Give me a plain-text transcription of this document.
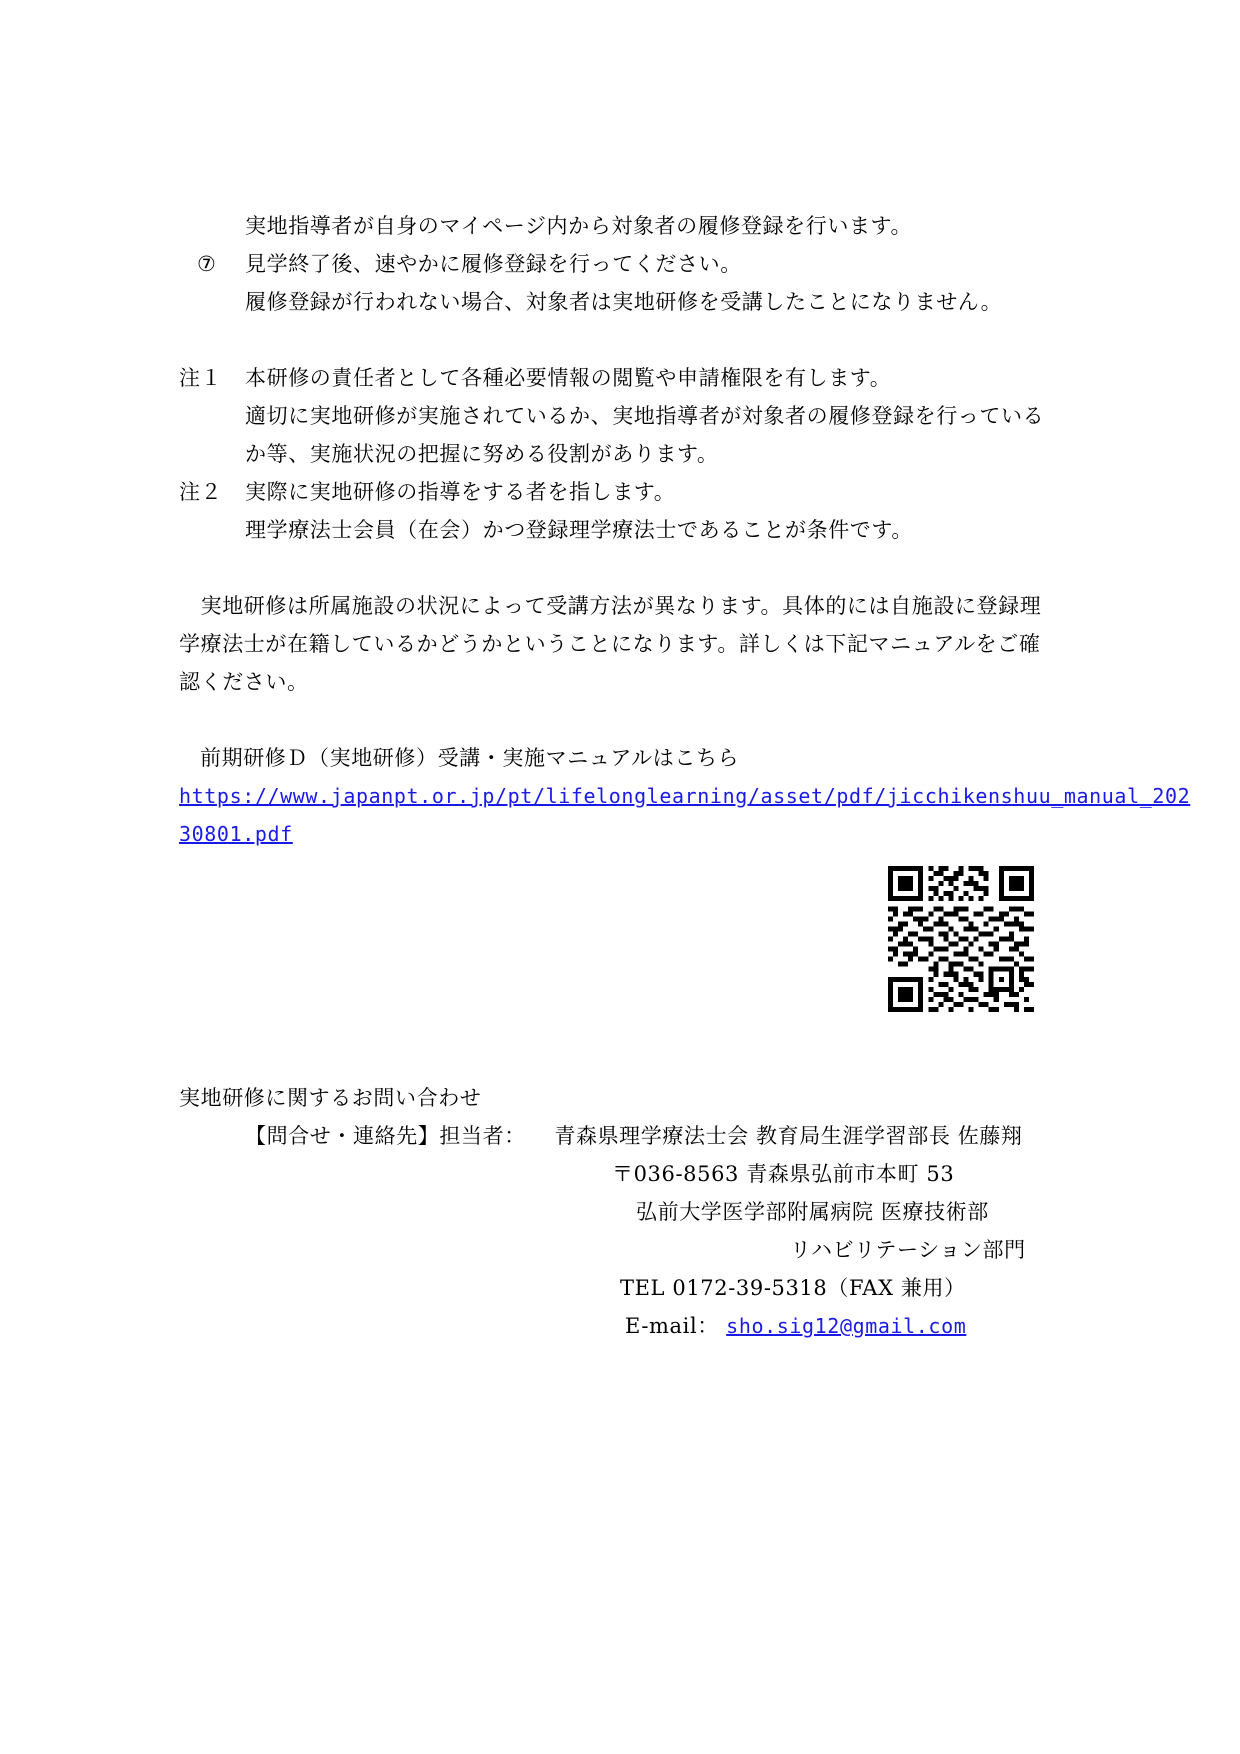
実地指導者が自身のマイページ内から対象者の履修登録を行います。
⑦ 見学終了後、速やかに履修登録を行ってください。
履修登録が行われない場合、対象者は実地研修を受講したことになりません。
注１ 本研修の責任者として各種必要情報の閲覧や申請権限を有します。
適切に実地研修が実施されているか、実地指導者が対象者の履修登録を行っている
か等、実施状況の把握に努める役割があります。
注２ 実際に実地研修の指導をする者を指します。
理学療法士会員（在会）かつ登録理学療法士であることが条件です。
　実地研修は所属施設の状況によって受講方法が異なります。具体的には自施設に登録理
学療法士が在籍しているかどうかということになります。詳しくは下記マニュアルをご確
認ください。
前期研修Ｄ（実地研修）受講・実施マニュアルはこちら
https://www.japanpt.or.jp/pt/lifelonglearning/asset/pdf/jicchikenshuu_manual_202
30801.pdf
実地研修に関するお問い合わせ
【問合せ・連絡先】担当者： 青森県理学療法士会 教育局生涯学習部長 佐藤翔
〒036-8563 青森県弘前市本町 53
弘前大学医学部附属病院 医療技術部
リハビリテーション部門
TEL 0172-39-5318（FAX 兼用）
E-mail： sho.sig12@gmail.com
